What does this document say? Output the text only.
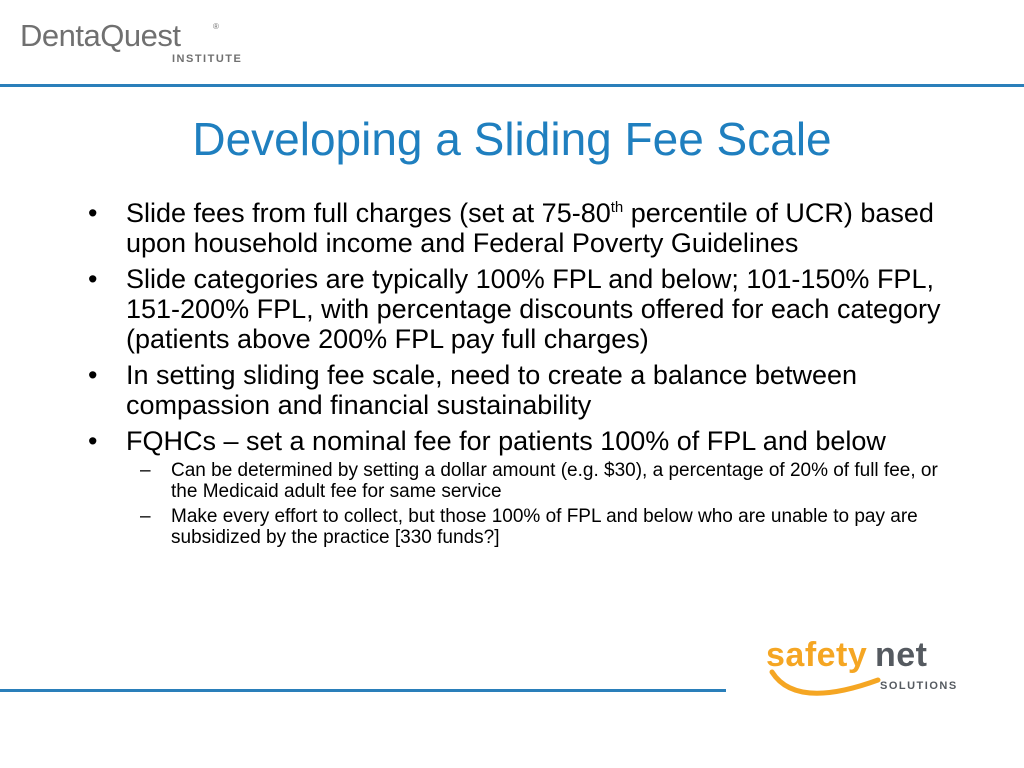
DentaQuest	®
INSTITUTE
Developing a Sliding Fee Scale
• Slide fees from full charges (set at 75-80th percentile of UCR) based upon household income and Federal Poverty Guidelines
• Slide categories are typically 100% FPL and below; 101-150% FPL, 151-200% FPL, with percentage discounts offered for each category (patients above 200% FPL pay full charges)
• In setting sliding fee scale, need to create a balance between compassion and financial sustainability
• FQHCs – set a nominal fee for patients 100% of FPL and below
– Can be determined by setting a dollar amount (e.g. $30), a percentage of 20% of full fee, or the Medicaid adult fee for same service
– Make every effort to collect, but those 100% of FPL and below who are unable to pay are subsidized by the practice [330 funds?]
safety net
SOLUTIONS
